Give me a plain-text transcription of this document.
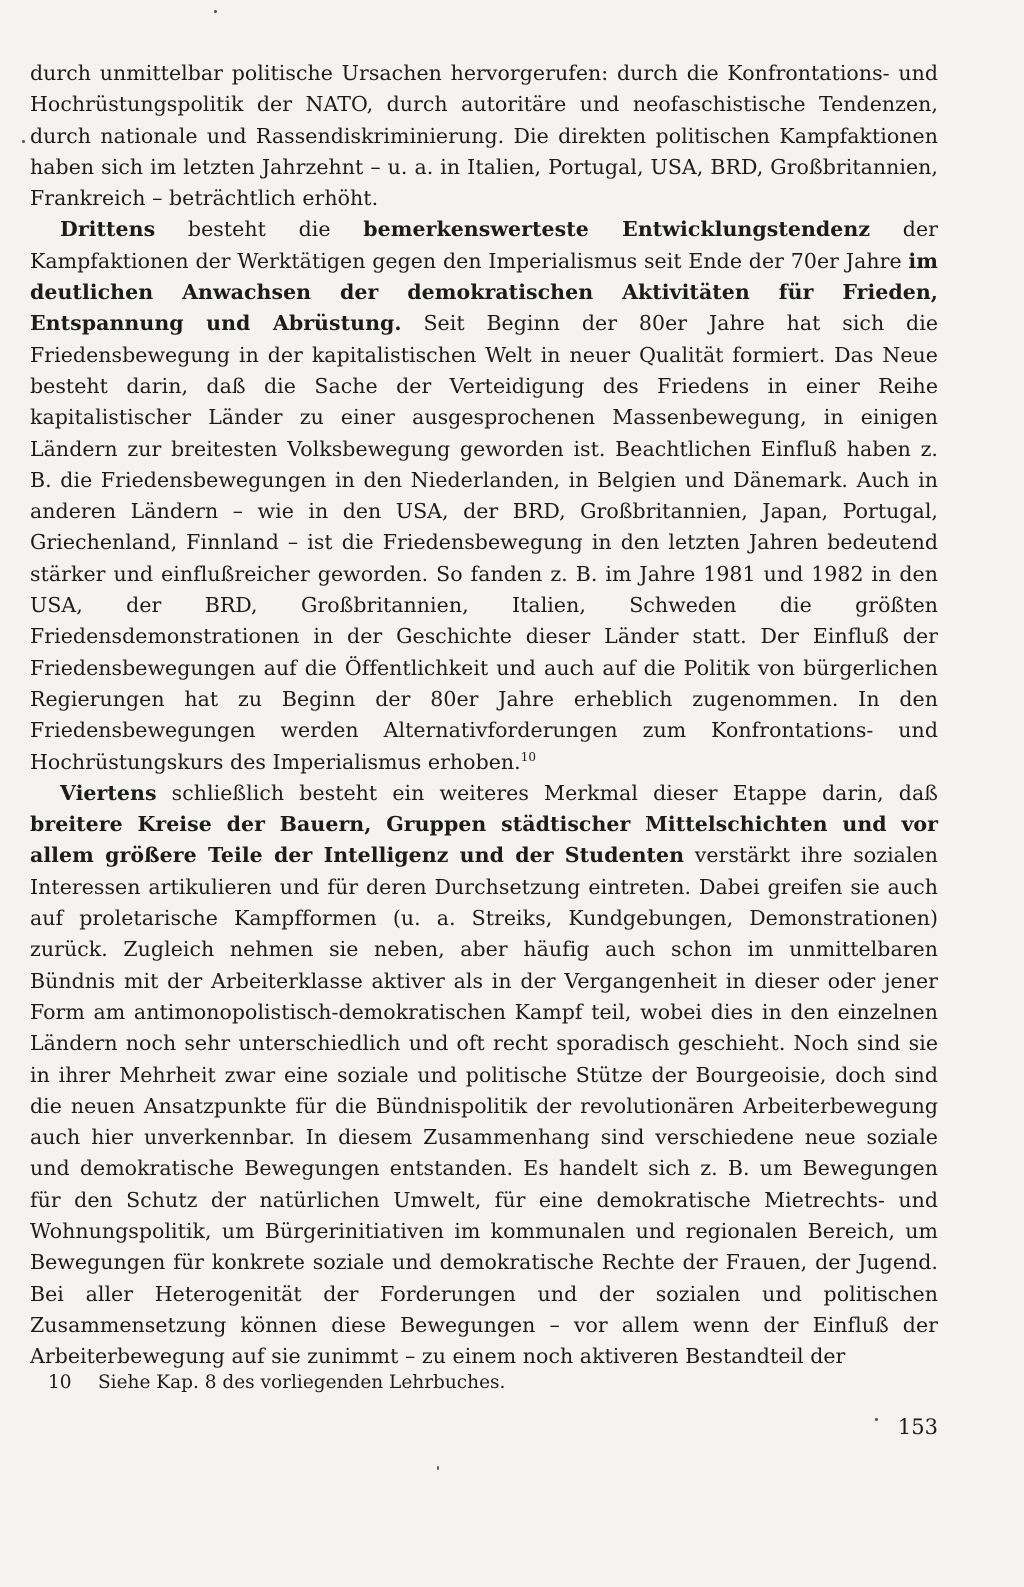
durch unmittelbar politische Ursachen hervorgerufen: durch die Konfrontations- und Hochrüstungspolitik der NATO, durch autoritäre und neofaschistische Tendenzen, durch nationale und Rassendiskriminierung. Die direkten politischen Kampfaktionen haben sich im letzten Jahrzehnt – u. a. in Italien, Portugal, USA, BRD, Großbritannien, Frankreich – beträchtlich erhöht.

Drittens besteht die bemerkenswerteste Entwicklungstendenz der Kampfaktionen der Werktätigen gegen den Imperialismus seit Ende der 70er Jahre im deutlichen Anwachsen der demokratischen Aktivitäten für Frieden, Entspannung und Abrüstung. Seit Beginn der 80er Jahre hat sich die Friedensbewegung in der kapitalistischen Welt in neuer Qualität formiert. Das Neue besteht darin, daß die Sache der Verteidigung des Friedens in einer Reihe kapitalistischer Länder zu einer ausgesprochenen Massenbewegung, in einigen Ländern zur breitesten Volksbewegung geworden ist. Beachtlichen Einfluß haben z. B. die Friedensbewegungen in den Niederlanden, in Belgien und Dänemark. Auch in anderen Ländern – wie in den USA, der BRD, Großbritannien, Japan, Portugal, Griechenland, Finnland – ist die Friedensbewegung in den letzten Jahren bedeutend stärker und einflußreicher geworden. So fanden z. B. im Jahre 1981 und 1982 in den USA, der BRD, Großbritannien, Italien, Schweden die größten Friedensdemonstrationen in der Geschichte dieser Länder statt. Der Einfluß der Friedensbewegungen auf die Öffentlichkeit und auch auf die Politik von bürgerlichen Regierungen hat zu Beginn der 80er Jahre erheblich zugenommen. In den Friedensbewegungen werden Alternativforderungen zum Konfrontations- und Hochrüstungskurs des Imperialismus erhoben.$^{10}$

Viertens schließlich besteht ein weiteres Merkmal dieser Etappe darin, daß breitere Kreise der Bauern, Gruppen städtischer Mittelschichten und vor allem größere Teile der Intelligenz und der Studenten verstärkt ihre sozialen Interessen artikulieren und für deren Durchsetzung eintreten. Dabei greifen sie auch auf proletarische Kampfformen (u. a. Streiks, Kundgebungen, Demonstrationen) zurück. Zugleich nehmen sie neben, aber häufig auch schon im unmittelbaren Bündnis mit der Arbeiterklasse aktiver als in der Vergangenheit in dieser oder jener Form am antimonopolistisch-demokratischen Kampf teil, wobei dies in den einzelnen Ländern noch sehr unterschiedlich und oft recht sporadisch geschieht. Noch sind sie in ihrer Mehrheit zwar eine soziale und politische Stütze der Bourgeoisie, doch sind die neuen Ansatzpunkte für die Bündnispolitik der revolutionären Arbeiterbewegung auch hier unverkennbar. In diesem Zusammenhang sind verschiedene neue soziale und demokratische Bewegungen entstanden. Es handelt sich z. B. um Bewegungen für den Schutz der natürlichen Umwelt, für eine demokratische Mietrechts- und Wohnungspolitik, um Bürgerinitiativen im kommunalen und regionalen Bereich, um Bewegungen für konkrete soziale und demokratische Rechte der Frauen, der Jugend. Bei aller Heterogenität der Forderungen und der sozialen und politischen Zusammensetzung können diese Bewegungen – vor allem wenn der Einfluß der Arbeiterbewegung auf sie zunimmt – zu einem noch aktiveren Bestandteil der

10 Siehe Kap. 8 des vorliegenden Lehrbuches.
153
